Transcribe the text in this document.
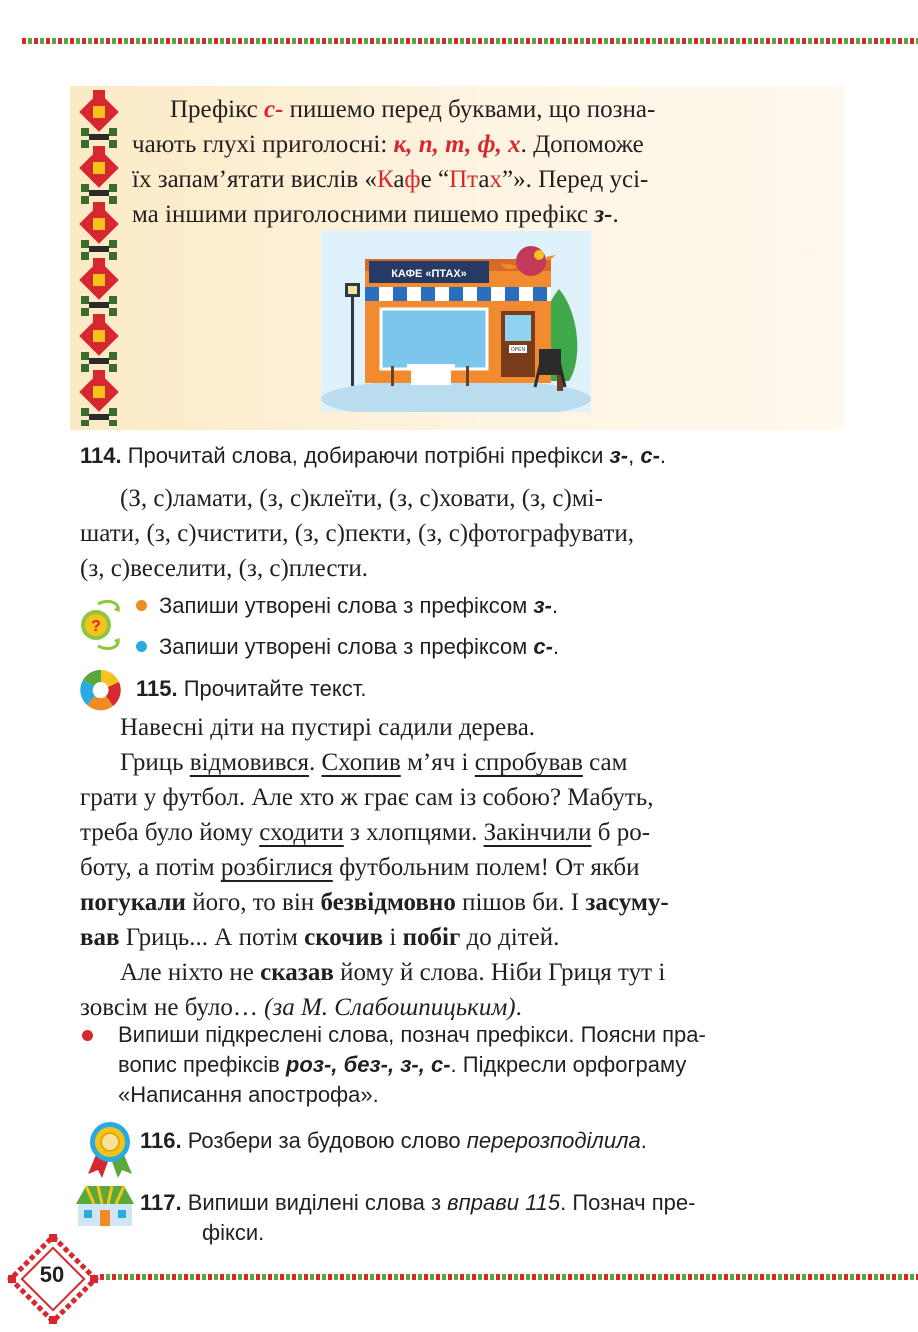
Префікс с- пишемо перед буквами, що позна-
чають глухі приголосні: к, п, т, ф, х. Допоможе
їх запам’ятати вислів «Кафе “Птах”». Перед усі-
ма іншими приголосними пишемо префікс з-.

КАФЕ «ПТАХ»
OPEN
114. Прочитай слова, добираючи потрібні префікси з-, с-.

(З, с)ламати, (з, с)клеїти, (з, с)ховати, (з, с)мі-

шати, (з, с)чистити, (з, с)пекти, (з, с)фотографувати,

(з, с)веселити, (з, с)плести.

?
Запиши утворені слова з префіксом з-.
Запиши утворені слова з префіксом с-.
115. Прочитайте текст.

Навесні діти на пустирі садили дерева.

Гриць відмовився. Схопив м’яч і спробував сам

грати у футбол. Але хто ж грає сам із собою? Мабуть,

треба було йому сходити з хлопцями. Закінчили б ро-

боту, а потім розбіглися футбольним полем! От якби

погукали його, то він безвідмовно пішов би. І засуму-

вав Гриць... А потім скочив і побіг до дітей.

Але ніхто не сказав йому й слова. Ніби Гриця тут і

зовсім не було… (за М. Слабошпицьким).

Випиши підкреслені слова, познач префікси. Поясни пра-
вопис префіксів роз-, без-, з-, с-. Підкресли орфограму
«Написання апострофа».
116. Розбери за будовою слово перерозподілила.
117. Випиши виділені слова з вправи 115. Познач пре-
фікси.
50
